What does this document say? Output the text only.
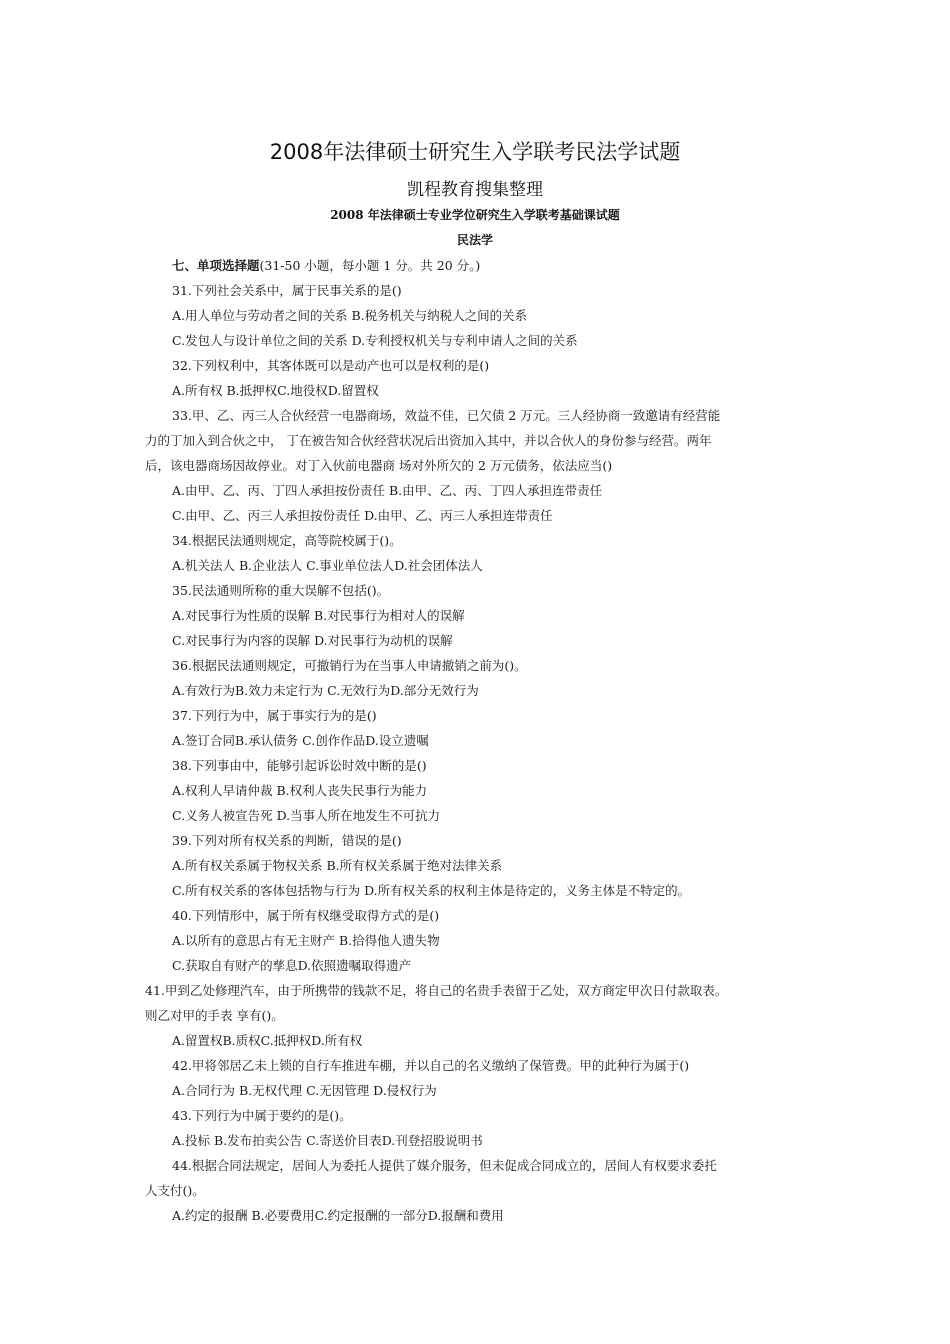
2008年法律硕士研究生入学联考民法学试题
凯程教育搜集整理
2008 年法律硕士专业学位研究生入学联考基础课试题
民法学
七、单项选择题(31-50 小题，每小题 1 分。共 20 分。)
31.下列社会关系中，属于民事关系的是()
A.用人单位与劳动者之间的关系 B.税务机关与纳税人之间的关系
C.发包人与设计单位之间的关系 D.专利授权机关与专利申请人之间的关系
32.下列权利中，其客体既可以是动产也可以是权利的是()
A.所有权 B.抵押权C.地役权D.留置权
33.甲、乙、丙三人合伙经营一电器商场，效益不佳，已欠债 2 万元。三人经协商一致邀请有经营能
力的丁加入到合伙之中， 丁在被告知合伙经营状况后出资加入其中，并以合伙人的身份参与经营。两年
后，该电器商场因故停业。对丁入伙前电器商 场对外所欠的 2 万元债务，依法应当()
A.由甲、乙、丙、丁四人承担按份责任 B.由甲、乙、丙、丁四人承担连带责任
C.由甲、乙、丙三人承担按份责任 D.由甲、乙、丙三人承担连带责任
34.根据民法通则规定，高等院校属于()。
A.机关法人 B.企业法人 C.事业单位法人D.社会团体法人
35.民法通则所称的重大误解不包括()。
A.对民事行为性质的误解 B.对民事行为相对人的误解
C.对民事行为内容的误解 D.对民事行为动机的误解
36.根据民法通则规定，可撤销行为在当事人申请撤销之前为()。
A.有效行为B.效力未定行为 C.无效行为D.部分无效行为
37.下列行为中，属于事实行为的是()
A.签订合同B.承认债务 C.创作作品D.设立遗嘱
38.下列事由中，能够引起诉讼时效中断的是()
A.权利人早请仲裁 B.权利人丧失民事行为能力
C.义务人被宣告死 D.当事人所在地发生不可抗力
39.下列对所有权关系的判断，错误的是()
A.所有权关系属于物权关系 B.所有权关系属于绝对法律关系
C.所有权关系的客体包括物与行为 D.所有权关系的权利主体是待定的，义务主体是不特定的。
40.下列情形中，属于所有权继受取得方式的是()
A.以所有的意思占有无主财产 B.拾得他人遗失物
C.获取自有财产的孳息D.依照遗嘱取得遗产
41.甲到乙处修理汽车，由于所携带的钱款不足，将自己的名贵手表留于乙处，双方商定甲次日付款取表。
则乙对甲的手表 享有()。
A.留置权B.质权C.抵押权D.所有权
42.甲将邻居乙未上锁的自行车推进车棚，并以自己的名义缴纳了保管费。甲的此种行为属于()
A.合同行为 B.无权代理 C.无因管理 D.侵权行为
43.下列行为中属于要约的是()。
A.投标 B.发布拍卖公告 C.寄送价目表D.刊登招股说明书
44.根据合同法规定，居间人为委托人提供了媒介服务，但未促成合同成立的，居间人有权要求委托
人支付()。
A.约定的报酬 B.必要费用C.约定报酬的一部分D.报酬和费用
